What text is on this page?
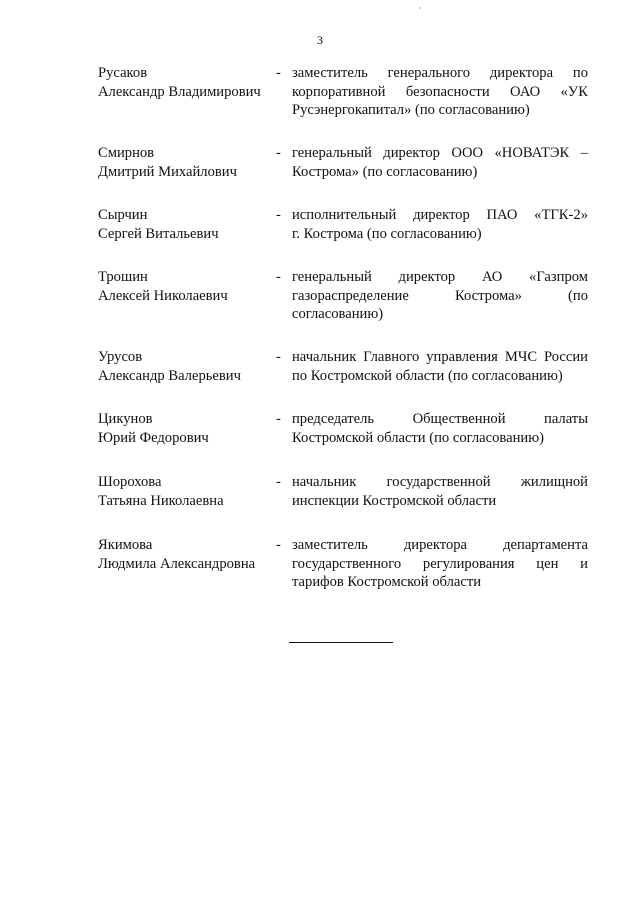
3
Русаков
Александр Владимирович
- заместитель генерального директора по
корпоративной безопасности ОАО «УК
Русэнергокапитал» (по согласованию)
Смирнов
Дмитрий Михайлович
- генеральный директор ООО «НОВАТЭК –
Кострома» (по согласованию)
Сырчин
Сергей Витальевич
- исполнительный директор ПАО «ТГК-2»
г. Кострома (по согласованию)
Трошин
Алексей Николаевич
- генеральный директор АО «Газпром
газораспределение Кострома» (по
согласованию)
Урусов
Александр Валерьевич
- начальник Главного управления МЧС России
по Костромской области (по согласованию)
Цикунов
Юрий Федорович
- председатель Общественной палаты
Костромской области (по согласованию)
Шорохова
Татьяна Николаевна
- начальник государственной жилищной
инспекции Костромской области
Якимова
Людмила Александровна
- заместитель директора департамента
государственного регулирования цен и
тарифов Костромской области
